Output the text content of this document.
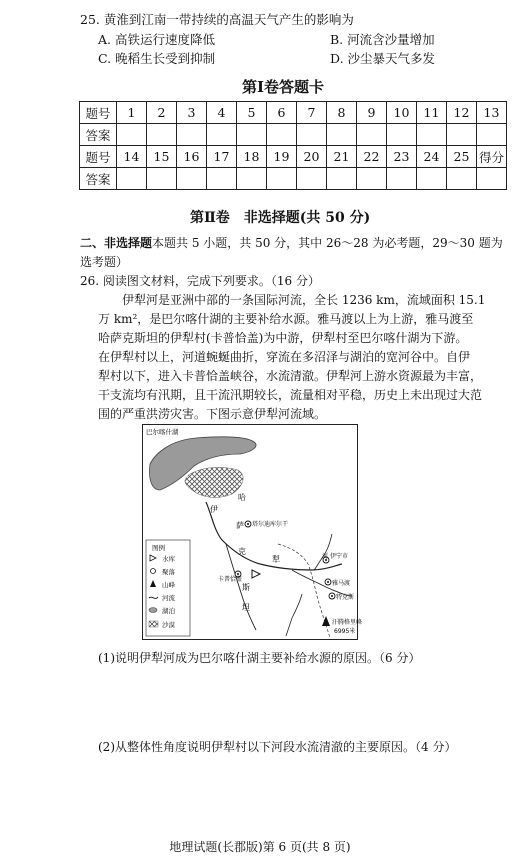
25. 黄淮到江南一带持续的高温天气产生的影响为
A. 高铁运行速度降低	B. 河流含沙量增加
C. 晚稻生长受到抑制	D. 沙尘暴天气多发
第Ⅰ卷答题卡
题号	1	2	3	4	5	6	7	8	9	10	11	12	13
答案													
题号	14	15	16	17	18	19	20	21	22	23	24	25	得分
答案													
第Ⅱ卷　非选择题(共 50 分)
二、非选择题本题共 5 小题，共 50 分，其中 26～28 为必考题，29～30 题为
选考题）
26. 阅读图文材料，完成下列要求。（16 分）
伊犁河是亚洲中部的一条国际河流，全长 1236 km，流域面积 15.1
万 km²，是巴尔喀什湖的主要补给水源。雅马渡以上为上游，雅马渡至
哈萨克斯坦的伊犁村(卡普恰盖)为中游，伊犁村至巴尔喀什湖为下游。
在伊犁村以上，河道蜿蜒曲折，穿流在多沼泽与湖泊的宽河谷中。自伊
犁村以下，进入卡普恰盖峡谷，水流清澈。伊犁河上游水资源最为丰富，
干支流均有汛期，且干流汛期较长，流量相对平稳，历史上未出现过大范
围的严重洪涝灾害。下图示意伊犁河流域。
巴尔喀什湖
哈
伊
萨 塔尔迪库尔干
克
犁
卡普恰盖
斯
坦
河 伊宁市
雅马渡
特克斯
汗腾格里峰
6995米
图例
水库
聚落
山峰
河流
湖泊
沙漠
(1)说明伊犁河成为巴尔喀什湖主要补给水源的原因。（6 分）
(2)从整体性角度说明伊犁村以下河段水流清澈的主要原因。（4 分）
地理试题(长郡版)第 6 页(共 8 页)
